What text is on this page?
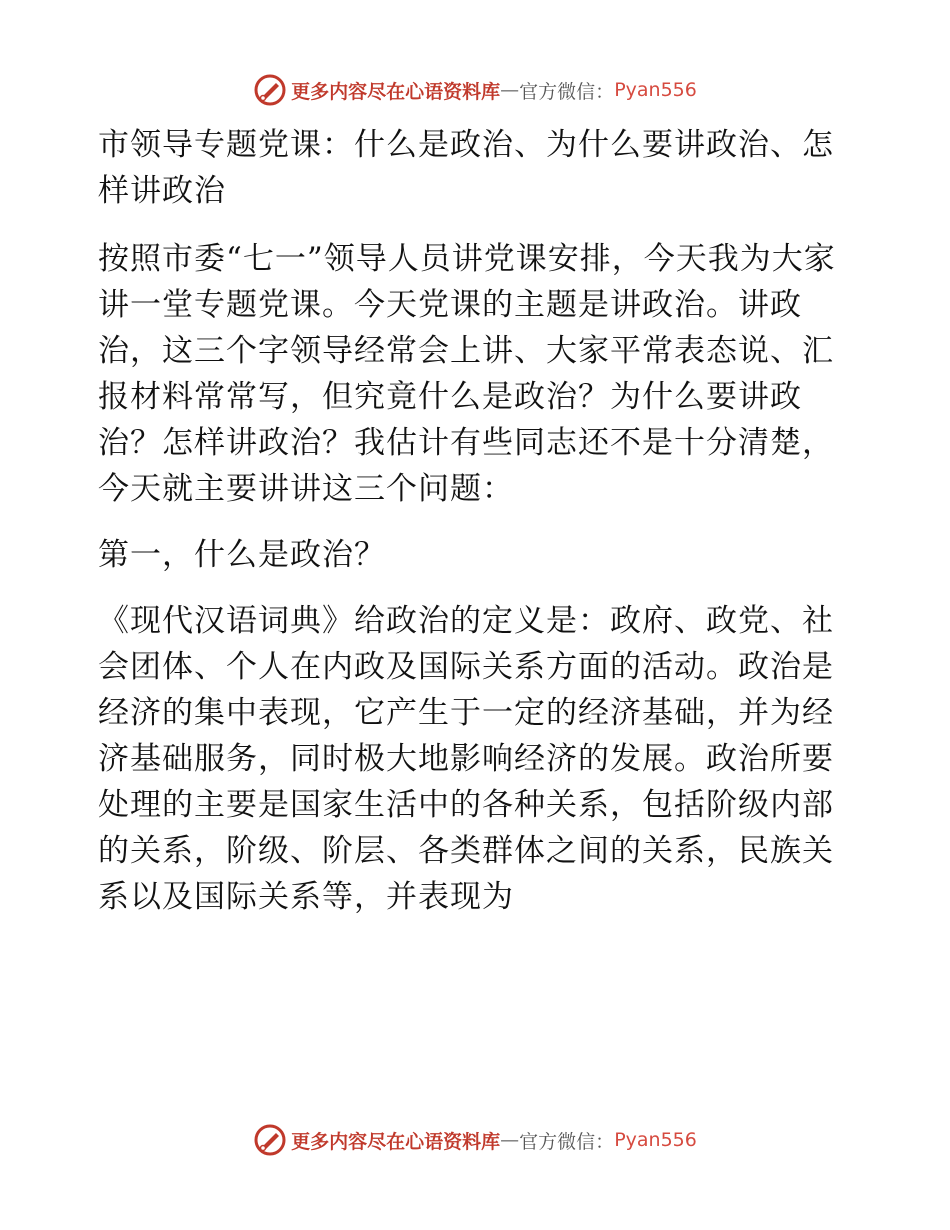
更多内容尽在心语资料库 — 官方微信： Pyan556

市领导专题党课：什么是政治、为什么要讲政治、怎样讲政治

按照市委“七一”领导人员讲党课安排，今天我为大家讲一堂专题党课。今天党课的主题是讲政治。讲政治，这三个字领导经常会上讲、大家平常表态说、汇报材料常常写，但究竟什么是政治？为什么要讲政治？怎样讲政治？我估计有些同志还不是十分清楚，今天就主要讲讲这三个问题：

第一，什么是政治？

《现代汉语词典》给政治的定义是：政府、政党、社会团体、个人在内政及国际关系方面的活动。政治是经济的集中表现，它产生于一定的经济基础，并为经济基础服务，同时极大地影响经济的发展。政治所要处理的主要是国家生活中的各种关系，包括阶级内部的关系，阶级、阶层、各类群体之间的关系，民族关系以及国际关系等，并表现为

更多内容尽在心语资料库 — 官方微信： Pyan556
